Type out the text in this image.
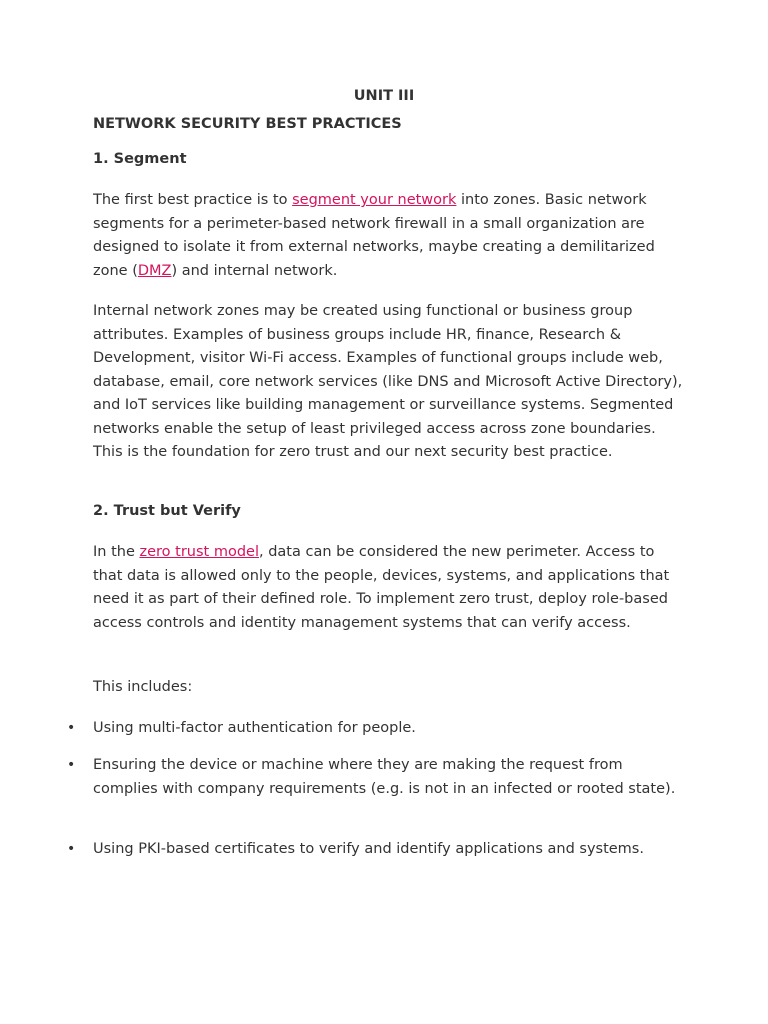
UNIT III
NETWORK SECURITY BEST PRACTICES
1. Segment

The first best practice is to segment your network into zones. Basic network segments for a perimeter-based network firewall in a small organization are designed to isolate it from external networks, maybe creating a demilitarized zone (DMZ) and internal network.

Internal network zones may be created using functional or business group attributes. Examples of business groups include HR, finance, Research & Development, visitor Wi-Fi access. Examples of functional groups include web, database, email, core network services (like DNS and Microsoft Active Directory), and IoT services like building management or surveillance systems. Segmented networks enable the setup of least privileged access across zone boundaries. This is the foundation for zero trust and our next security best practice.

2. Trust but Verify

In the zero trust model, data can be considered the new perimeter. Access to that data is allowed only to the people, devices, systems, and applications that need it as part of their defined role. To implement zero trust, deploy role-based access controls and identity management systems that can verify access.

This includes:

• Using multi-factor authentication for people.
• Ensuring the device or machine where they are making the request from complies with company requirements (e.g. is not in an infected or rooted state).
• Using PKI-based certificates to verify and identify applications and systems.
